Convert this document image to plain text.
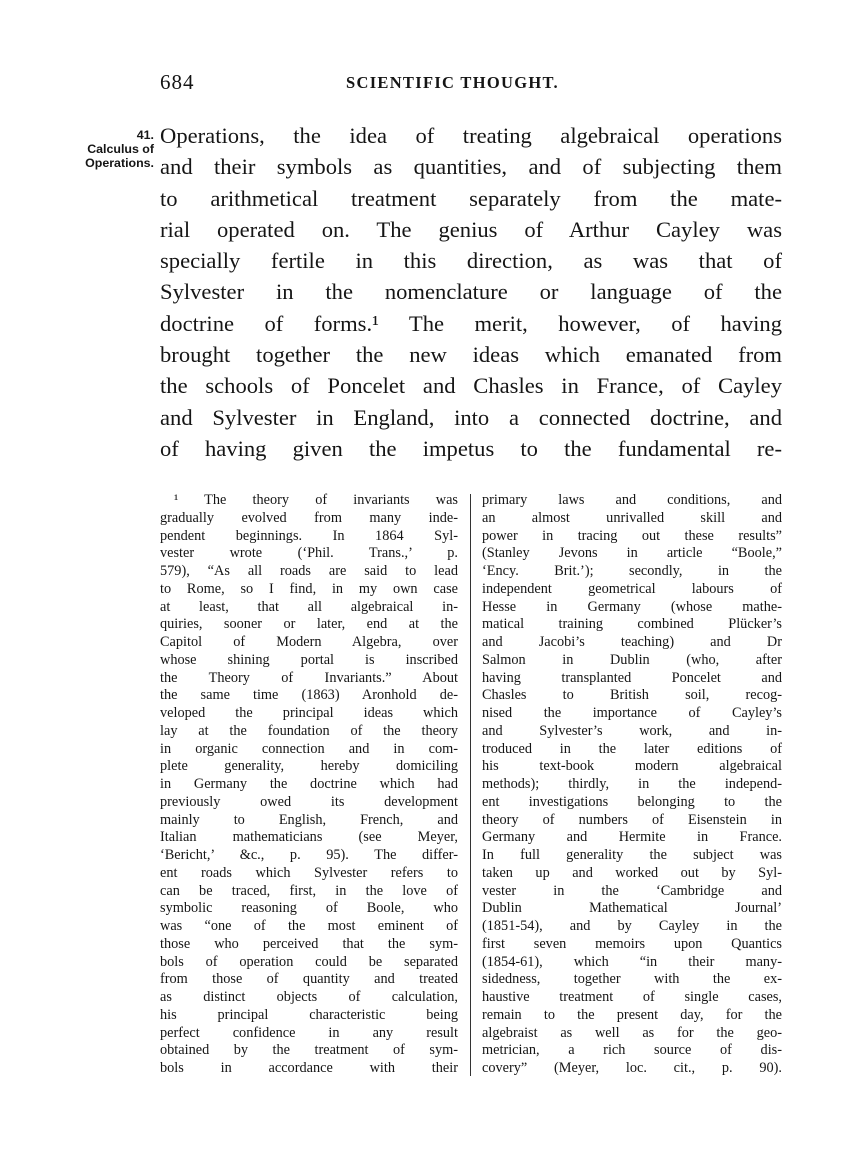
684	SCIENTIFIC THOUGHT.
41.
Calculus of
Operations.
Operations, the idea of treating algebraical operations
and their symbols as quantities, and of subjecting them
to arithmetical treatment separately from the mate-
rial operated on. The genius of Arthur Cayley was
specially fertile in this direction, as was that of
Sylvester in the nomenclature or language of the
doctrine of forms.¹ The merit, however, of having
brought together the new ideas which emanated from
the schools of Poncelet and Chasles in France, of Cayley
and Sylvester in England, into a connected doctrine, and
of having given the impetus to the fundamental re-
¹ The theory of invariants was
gradually evolved from many inde-
pendent beginnings. In 1864 Syl-
vester wrote (‘Phil. Trans.,’ p.
579), “As all roads are said to lead
to Rome, so I find, in my own case
at least, that all algebraical in-
quiries, sooner or later, end at the
Capitol of Modern Algebra, over
whose shining portal is inscribed
the Theory of Invariants.” About
the same time (1863) Aronhold de-
veloped the principal ideas which
lay at the foundation of the theory
in organic connection and in com-
plete generality, hereby domiciling
in Germany the doctrine which had
previously owed its development
mainly to English, French, and
Italian mathematicians (see Meyer,
‘Bericht,’ &c., p. 95). The differ-
ent roads which Sylvester refers to
can be traced, first, in the love of
symbolic reasoning of Boole, who
was “one of the most eminent of
those who perceived that the sym-
bols of operation could be separated
from those of quantity and treated
as distinct objects of calculation,
his principal characteristic being
perfect confidence in any result
obtained by the treatment of sym-
bols in accordance with their
primary laws and conditions, and
an almost unrivalled skill and
power in tracing out these results”
(Stanley Jevons in article “Boole,”
‘Ency. Brit.’); secondly, in the
independent geometrical labours of
Hesse in Germany (whose mathe-
matical training combined Plücker’s
and Jacobi’s teaching) and Dr
Salmon in Dublin (who, after
having transplanted Poncelet and
Chasles to British soil, recog-
nised the importance of Cayley’s
and Sylvester’s work, and in-
troduced in the later editions of
his text-book modern algebraical
methods); thirdly, in the independ-
ent investigations belonging to the
theory of numbers of Eisenstein in
Germany and Hermite in France.
In full generality the subject was
taken up and worked out by Syl-
vester in the ‘Cambridge and
Dublin Mathematical Journal’
(1851-54), and by Cayley in the
first seven memoirs upon Quantics
(1854-61), which “in their many-
sidedness, together with the ex-
haustive treatment of single cases,
remain to the present day, for the
algebraist as well as for the geo-
metrician, a rich source of dis-
covery” (Meyer, loc. cit., p. 90).
